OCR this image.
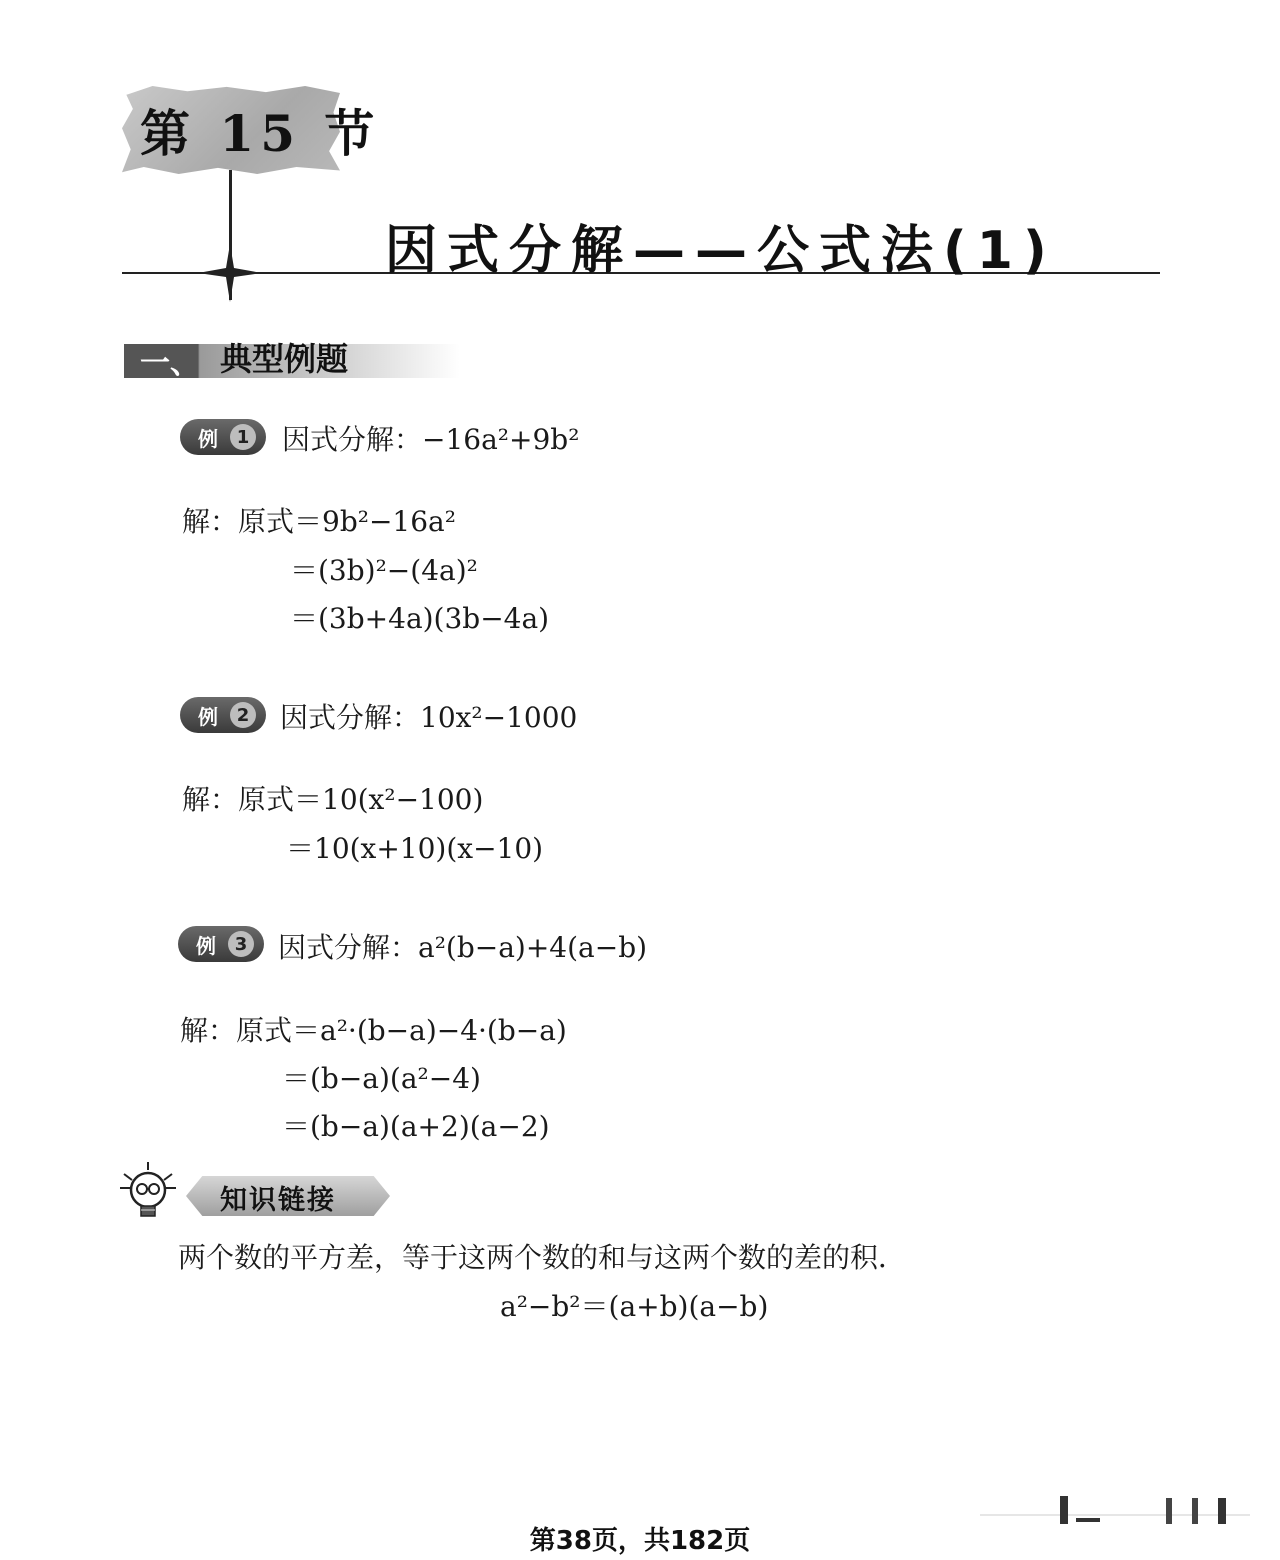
第 15 节
因式分解——公式法(1)
一、 典型例题
例	1 因式分解：−16a²+9b²
解：原式＝9b²−16a²
＝(3b)²−(4a)²
＝(3b+4a)(3b−4a)
例	2 因式分解：10x²−1000
解：原式＝10(x²−100)
＝10(x+10)(x−10)
例	3 因式分解：a²(b−a)+4(a−b)
解：原式＝a²·(b−a)−4·(b−a)
＝(b−a)(a²−4)
＝(b−a)(a+2)(a−2)
知识链接
两个数的平方差，等于这两个数的和与这两个数的差的积．
a²−b²＝(a+b)(a−b)
第38页，共182页
